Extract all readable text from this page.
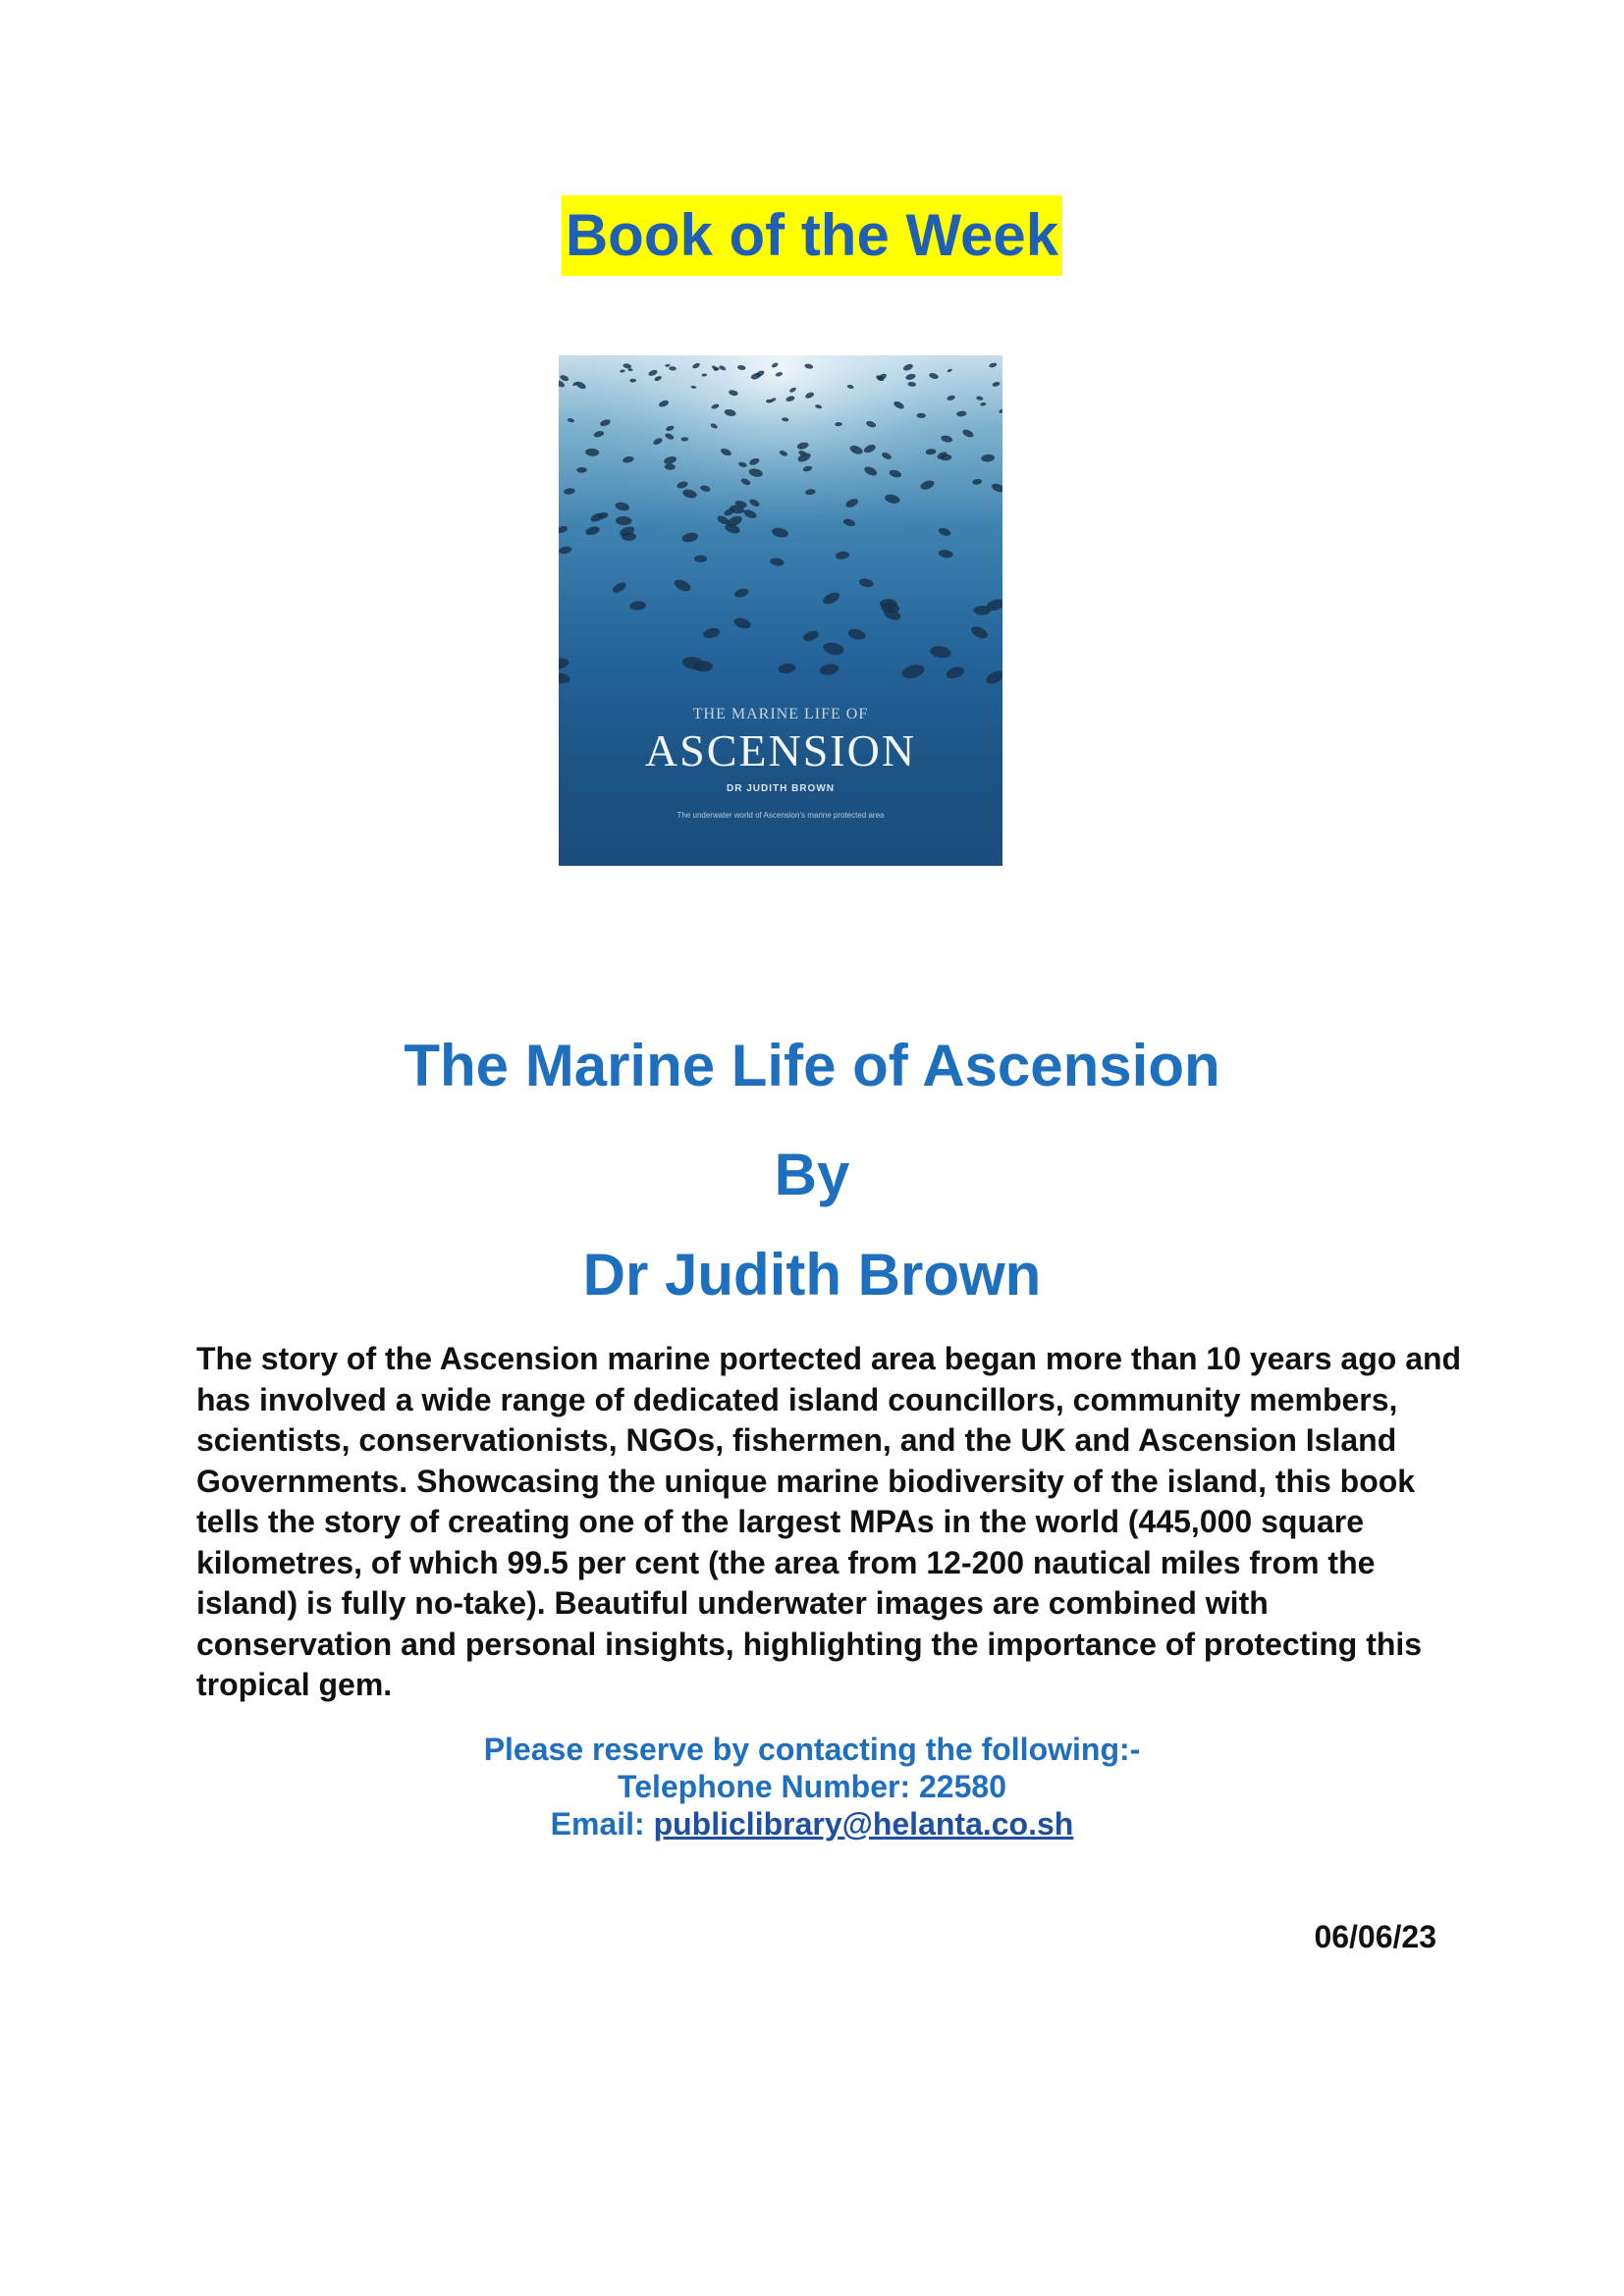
Book of the Week
THE MARINE LIFE OF
ASCENSION
DR JUDITH BROWN
The underwater world of Ascension's marine protected area
The Marine Life of Ascension
By
Dr Judith Brown

The story of the Ascension marine portected area began more than 10 years ago and has involved a wide range of dedicated island councillors, community members, scientists, conservationists, NGOs, fishermen, and the UK and Ascension Island Governments. Showcasing the unique marine biodiversity of the island, this book tells the story of creating one of the largest MPAs in the world (445,000 square kilometres, of which 99.5 per cent (the area from 12-200 nautical miles from the island) is fully no-take). Beautiful underwater images are combined with conservation and personal insights, highlighting the importance of protecting this tropical gem.

Please reserve by contacting the following:-
Telephone Number: 22580
Email: publiclibrary@helanta.co.sh
06/06/23
